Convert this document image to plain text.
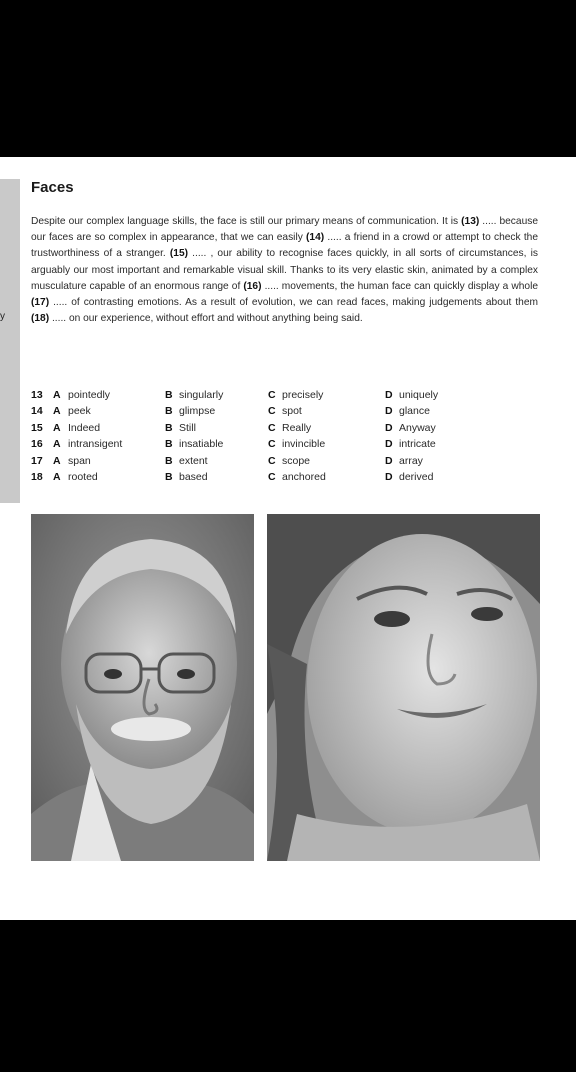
y
Faces
Despite our complex language skills, the face is still our primary means of communication. It is (13) ..... because our faces are so complex in appearance, that we can easily (14) ..... a friend in a crowd or attempt to check the trustworthiness of a stranger. (15) ..... , our ability to recognise faces quickly, in all sorts of circumstances, is arguably our most important and remarkable visual skill. Thanks to its very elastic skin, animated by a complex musculature capable of an enormous range of (16) ..... movements, the human face can quickly display a whole (17) ..... of contrasting emotions. As a result of evolution, we can read faces, making judgements about them (18) ..... on our experience, without effort and without anything being said.
13 A pointedly	B singularly	C precisely	D uniquely
14 A peek	B glimpse	C spot	D glance
15 A Indeed	B Still	C Really	D Anyway
16 A intransigent	B insatiable	C invincible	D intricate
17 A span	B extent	C scope	D array
18 A rooted	B based	C anchored	D derived
